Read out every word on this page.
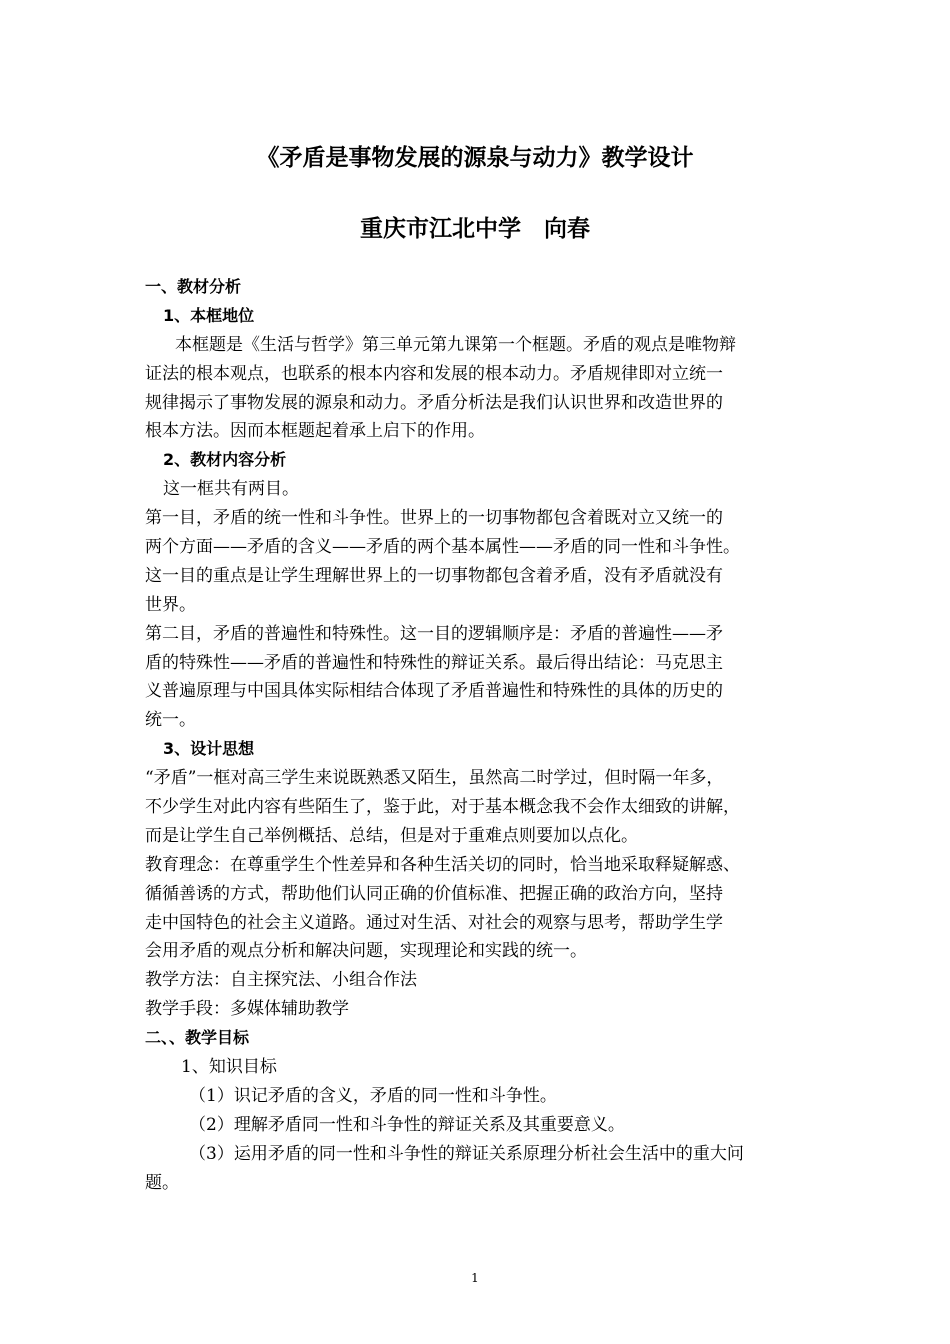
《矛盾是事物发展的源泉与动力》教学设计
重庆市江北中学　向春
一、教材分析
1、本框地位
本框题是《生活与哲学》第三单元第九课第一个框题。矛盾的观点是唯物辩
证法的根本观点，也联系的根本内容和发展的根本动力。矛盾规律即对立统一
规律揭示了事物发展的源泉和动力。矛盾分析法是我们认识世界和改造世界的
根本方法。因而本框题起着承上启下的作用。
2、教材内容分析
这一框共有两目。
第一目，矛盾的统一性和斗争性。世界上的一切事物都包含着既对立又统一的
两个方面——矛盾的含义——矛盾的两个基本属性——矛盾的同一性和斗争性。
这一目的重点是让学生理解世界上的一切事物都包含着矛盾，没有矛盾就没有
世界。
第二目，矛盾的普遍性和特殊性。这一目的逻辑顺序是：矛盾的普遍性——矛
盾的特殊性——矛盾的普遍性和特殊性的辩证关系。最后得出结论：马克思主
义普遍原理与中国具体实际相结合体现了矛盾普遍性和特殊性的具体的历史的
统一。
3、设计思想
“矛盾”一框对高三学生来说既熟悉又陌生，虽然高二时学过，但时隔一年多，
不少学生对此内容有些陌生了，鉴于此，对于基本概念我不会作太细致的讲解，
而是让学生自己举例概括、总结，但是对于重难点则要加以点化。
教育理念：在尊重学生个性差异和各种生活关切的同时，恰当地采取释疑解惑、
循循善诱的方式，帮助他们认同正确的价值标准、把握正确的政治方向，坚持
走中国特色的社会主义道路。通过对生活、对社会的观察与思考，帮助学生学
会用矛盾的观点分析和解决问题，实现理论和实践的统一。
教学方法：自主探究法、小组合作法
教学手段：多媒体辅助教学
二、、教学目标
1、知识目标
（1）识记矛盾的含义，矛盾的同一性和斗争性。
（2）理解矛盾同一性和斗争性的辩证关系及其重要意义。
（3）运用矛盾的同一性和斗争性的辩证关系原理分析社会生活中的重大问
题。
1
